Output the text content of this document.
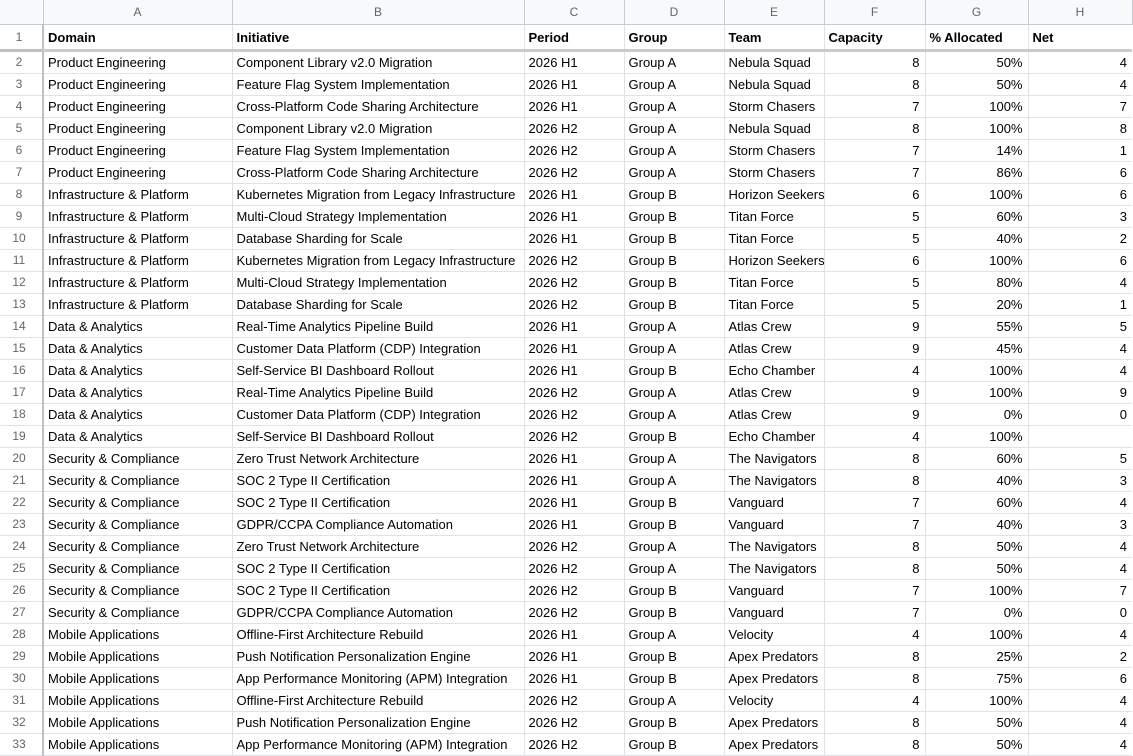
	A	B	C	D	E	F	G	H
1	Domain	Initiative	Period	Group	Team	Capacity	% Allocated	Net

2	Product Engineering	Component Library v2.0 Migration	2026 H1	Group A	Nebula Squad	8	50%	4
3	Product Engineering	Feature Flag System Implementation	2026 H1	Group A	Nebula Squad	8	50%	4
4	Product Engineering	Cross-Platform Code Sharing Architecture	2026 H1	Group A	Storm Chasers	7	100%	7
5	Product Engineering	Component Library v2.0 Migration	2026 H2	Group A	Nebula Squad	8	100%	8
6	Product Engineering	Feature Flag System Implementation	2026 H2	Group A	Storm Chasers	7	14%	1
7	Product Engineering	Cross-Platform Code Sharing Architecture	2026 H2	Group A	Storm Chasers	7	86%	6
8	Infrastructure & Platform	Kubernetes Migration from Legacy Infrastructure	2026 H1	Group B	Horizon Seekers	6	100%	6
9	Infrastructure & Platform	Multi-Cloud Strategy Implementation	2026 H1	Group B	Titan Force	5	60%	3
10	Infrastructure & Platform	Database Sharding for Scale	2026 H1	Group B	Titan Force	5	40%	2
11	Infrastructure & Platform	Kubernetes Migration from Legacy Infrastructure	2026 H2	Group B	Horizon Seekers	6	100%	6
12	Infrastructure & Platform	Multi-Cloud Strategy Implementation	2026 H2	Group B	Titan Force	5	80%	4
13	Infrastructure & Platform	Database Sharding for Scale	2026 H2	Group B	Titan Force	5	20%	1
14	Data & Analytics	Real-Time Analytics Pipeline Build	2026 H1	Group A	Atlas Crew	9	55%	5
15	Data & Analytics	Customer Data Platform (CDP) Integration	2026 H1	Group A	Atlas Crew	9	45%	4
16	Data & Analytics	Self-Service BI Dashboard Rollout	2026 H1	Group B	Echo Chamber	4	100%	4
17	Data & Analytics	Real-Time Analytics Pipeline Build	2026 H2	Group A	Atlas Crew	9	100%	9
18	Data & Analytics	Customer Data Platform (CDP) Integration	2026 H2	Group A	Atlas Crew	9	0%	0
19	Data & Analytics	Self-Service BI Dashboard Rollout	2026 H2	Group B	Echo Chamber	4	100%	
20	Security & Compliance	Zero Trust Network Architecture	2026 H1	Group A	The Navigators	8	60%	5
21	Security & Compliance	SOC 2 Type II Certification	2026 H1	Group A	The Navigators	8	40%	3
22	Security & Compliance	SOC 2 Type II Certification	2026 H1	Group B	Vanguard	7	60%	4
23	Security & Compliance	GDPR/CCPA Compliance Automation	2026 H1	Group B	Vanguard	7	40%	3
24	Security & Compliance	Zero Trust Network Architecture	2026 H2	Group A	The Navigators	8	50%	4
25	Security & Compliance	SOC 2 Type II Certification	2026 H2	Group A	The Navigators	8	50%	4
26	Security & Compliance	SOC 2 Type II Certification	2026 H2	Group B	Vanguard	7	100%	7
27	Security & Compliance	GDPR/CCPA Compliance Automation	2026 H2	Group B	Vanguard	7	0%	0
28	Mobile Applications	Offline-First Architecture Rebuild	2026 H1	Group A	Velocity	4	100%	4
29	Mobile Applications	Push Notification Personalization Engine	2026 H1	Group B	Apex Predators	8	25%	2
30	Mobile Applications	App Performance Monitoring (APM) Integration	2026 H1	Group B	Apex Predators	8	75%	6
31	Mobile Applications	Offline-First Architecture Rebuild	2026 H2	Group A	Velocity	4	100%	4
32	Mobile Applications	Push Notification Personalization Engine	2026 H2	Group B	Apex Predators	8	50%	4
33	Mobile Applications	App Performance Monitoring (APM) Integration	2026 H2	Group B	Apex Predators	8	50%	4
